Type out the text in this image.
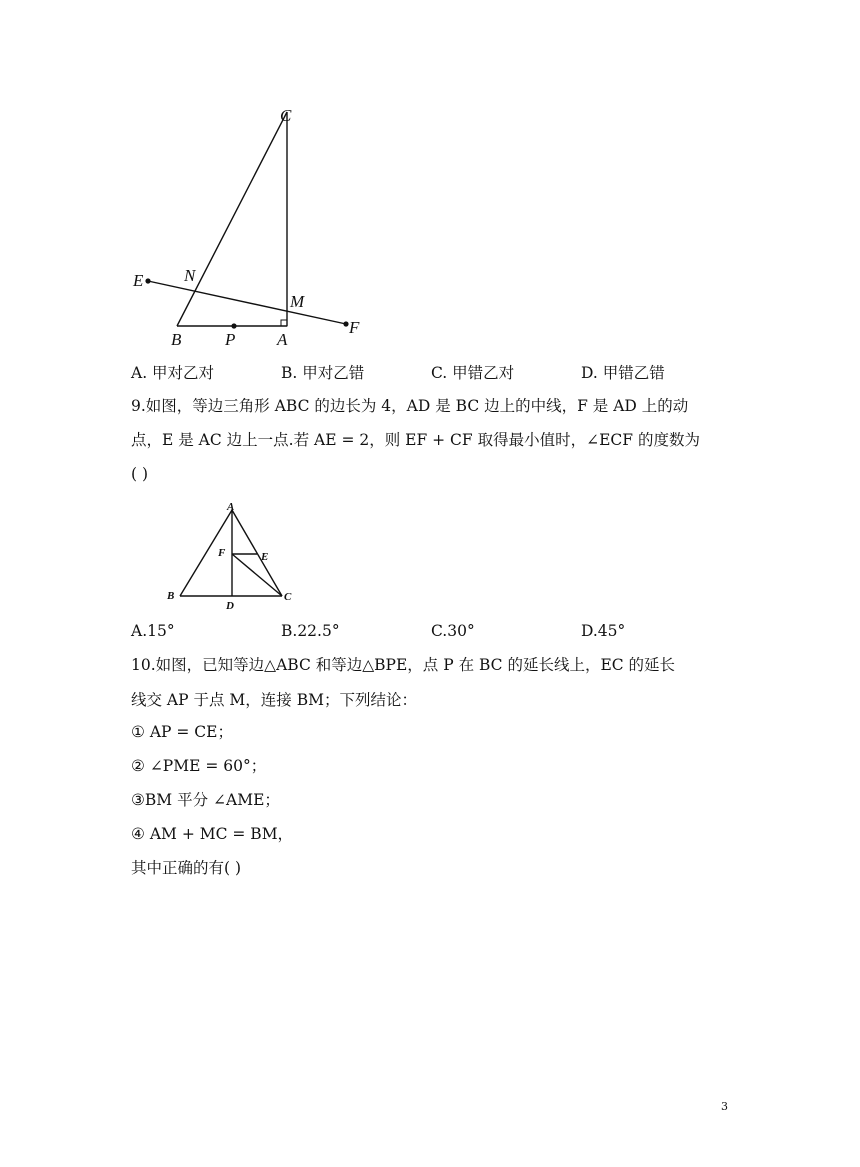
C
E N
M
F
B	P A
A. 甲对乙对	B. 甲对乙错	C. 甲错乙对	D. 甲错乙错
9.如图，等边三角形 ABC 的边长为 4，AD 是 BC 边上的中线，F 是 AD 上的动
点，E 是 AC 边上一点.若 AE = 2，则 EF + CF 取得最小值时，∠ECF 的度数为
( )
A
B	C
D
E
F
A.15°	B.22.5°	C.30°	D.45°
10.如图，已知等边△ABC 和等边△BPE，点 P 在 BC 的延长线上，EC 的延长
线交 AP 于点 M，连接 BM；下列结论：
① AP = CE；
② ∠PME = 60°；
③BM 平分 ∠AME；
④ AM + MC = BM，
其中正确的有( )
3
